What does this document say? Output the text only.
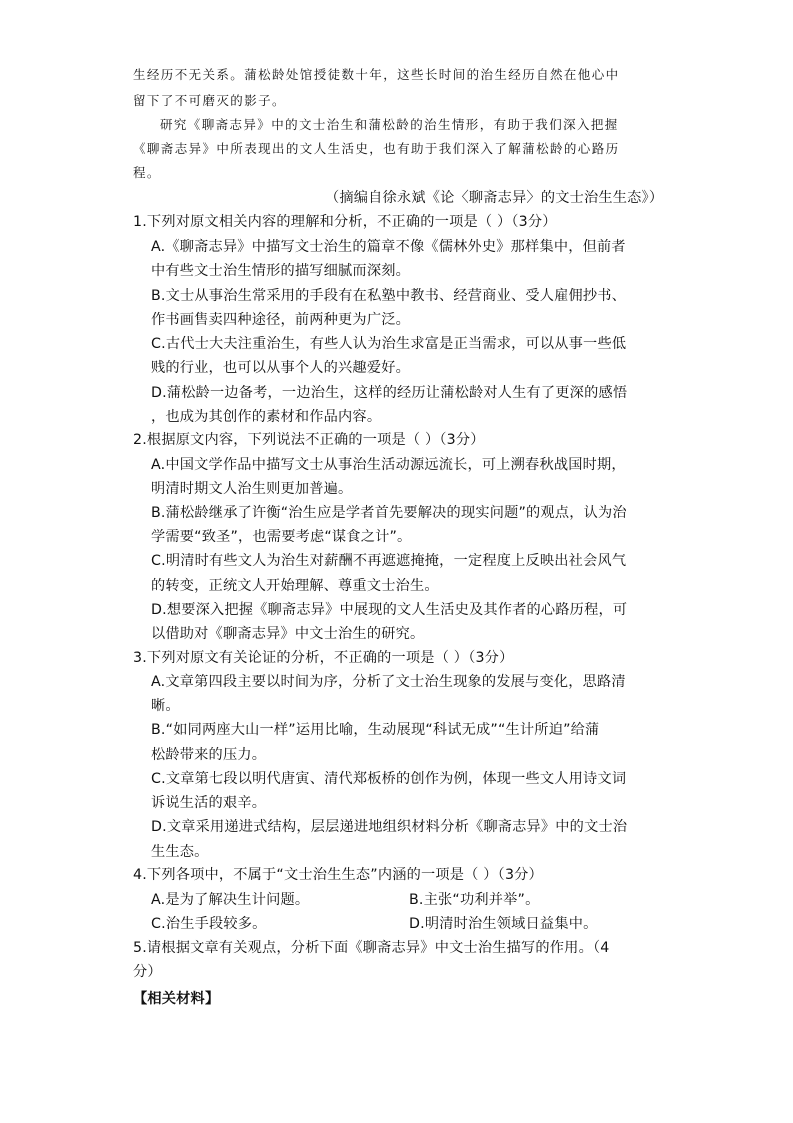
生经历不无关系。蒲松龄处馆授徒数十年，这些长时间的治生经历自然在他心中
留下了不可磨灭的影子。
研究《聊斋志异》中的文士治生和蒲松龄的治生情形，有助于我们深入把握
《聊斋志异》中所表现出的文人生活史，也有助于我们深入了解蒲松龄的心路历
程。
（摘编自徐永斌《论〈聊斋志异〉的文士治生生态》）
1.下列对原文相关内容的理解和分析，不正确的一项是（ ）（3分）
A.《聊斋志异》中描写文士治生的篇章不像《儒林外史》那样集中，但前者
中有些文士治生情形的描写细腻而深刻。
B.文士从事治生常采用的手段有在私塾中教书、经营商业、受人雇佣抄书、
作书画售卖四种途径，前两种更为广泛。
C.古代士大夫注重治生，有些人认为治生求富是正当需求，可以从事一些低
贱的行业，也可以从事个人的兴趣爱好。
D.蒲松龄一边备考，一边治生，这样的经历让蒲松龄对人生有了更深的感悟
，也成为其创作的素材和作品内容。
2.根据原文内容，下列说法不正确的一项是（ ）（3分）
A.中国文学作品中描写文士从事治生活动源远流长，可上溯春秋战国时期，
明清时期文人治生则更加普遍。
B.蒲松龄继承了许衡“治生应是学者首先要解决的现实问题”的观点，认为治
学需要“致圣”，也需要考虑“谋食之计”。
C.明清时有些文人为治生对薪酬不再遮遮掩掩，一定程度上反映出社会风气
的转变，正统文人开始理解、尊重文士治生。
D.想要深入把握《聊斋志异》中展现的文人生活史及其作者的心路历程，可
以借助对《聊斋志异》中文士治生的研究。
3.下列对原文有关论证的分析，不正确的一项是（ ）（3分）
A.文章第四段主要以时间为序，分析了文士治生现象的发展与变化，思路清
晰。
B.“如同两座大山一样”运用比喻，生动展现“科试无成”“生计所迫”给蒲
松龄带来的压力。
C.文章第七段以明代唐寅、清代郑板桥的创作为例，体现一些文人用诗文词
诉说生活的艰辛。
D.文章采用递进式结构，层层递进地组织材料分析《聊斋志异》中的文士治
生生态。
4.下列各项中，不属于“文士治生生态”内涵的一项是（ ）（3分）
A.是为了解决生计问题。	B.主张“功利并举”。
C.治生手段较多。	D.明清时治生领域日益集中。
5.请根据文章有关观点，分析下面《聊斋志异》中文士治生描写的作用。（4
分）
【相关材料】
